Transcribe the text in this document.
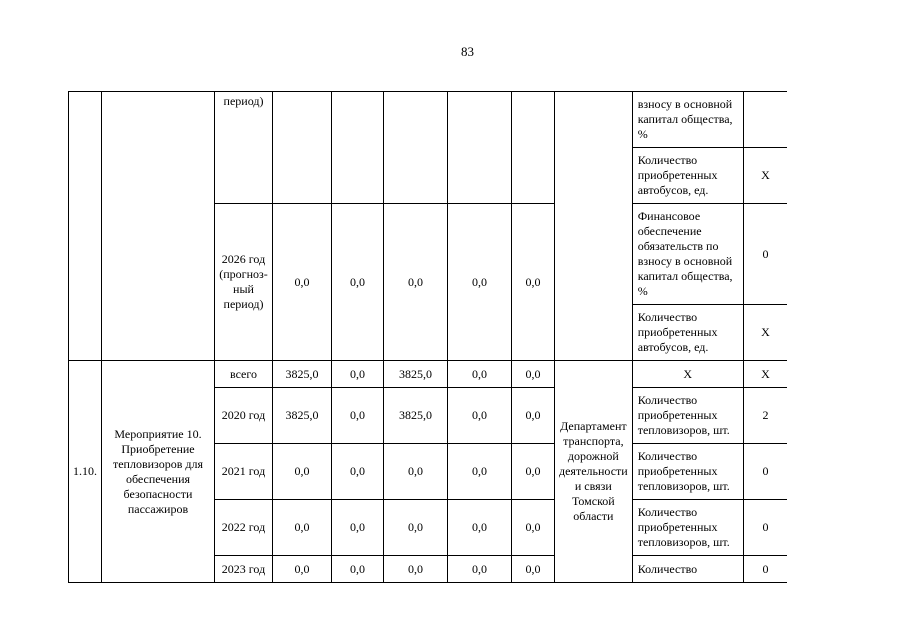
83
		период)							взносу в основной капитал общества, %	
									Количество приобретенных автобусов, ед.	X
		2026 год (прогноз-ный период)	0,0	0,0	0,0	0,0	0,0		Финансовое обеспечение обязательств по взносу в основной капитал общества, %	0
									Количество приобретенных автобусов, ед.	X
1.10.	Мероприятие 10. Приобретение тепловизоров для обеспечения безопасности пассажиров	всего	3825,0	0,0	3825,0	0,0	0,0	Департамент транспорта, дорожной деятельности и связи Томской области	X	X
		2020 год	3825,0	0,0	3825,0	0,0	0,0		Количество приобретенных тепловизоров, шт.	2
		2021 год	0,0	0,0	0,0	0,0	0,0		Количество приобретенных тепловизоров, шт.	0
		2022 год	0,0	0,0	0,0	0,0	0,0		Количество приобретенных тепловизоров, шт.	0
		2023 год	0,0	0,0	0,0	0,0	0,0		Количество	0
